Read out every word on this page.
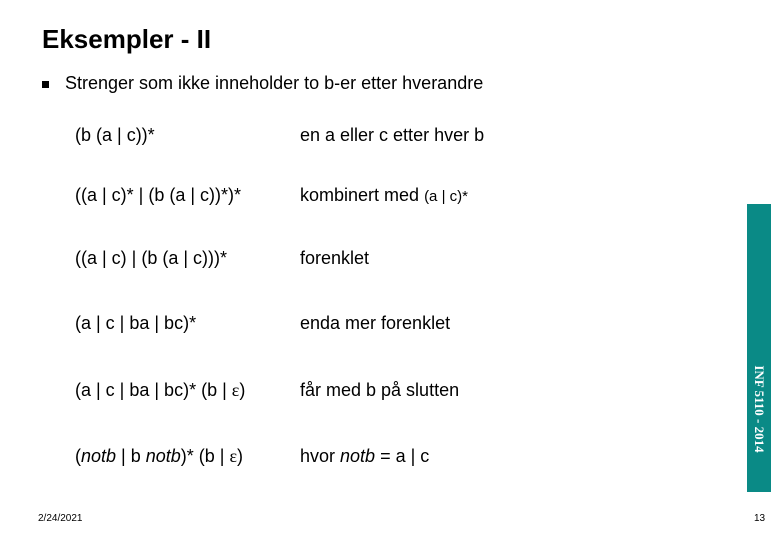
Eksempler - II
Strenger som ikke inneholder to b-er etter hverandre
(b (a | c))*	en a eller c etter hver b
((a | c)* | (b (a | c))*)*	kombinert med (a | c)*
((a | c) | (b (a | c)))*	forenklet
(a | c | ba | bc)*	enda mer forenklet
(a | c | ba | bc)* (b | ε)	får med b på slutten
(notb | b notb)* (b | ε)	hvor notb = a | c
INF 5110 - 2014
2/24/2021	13
